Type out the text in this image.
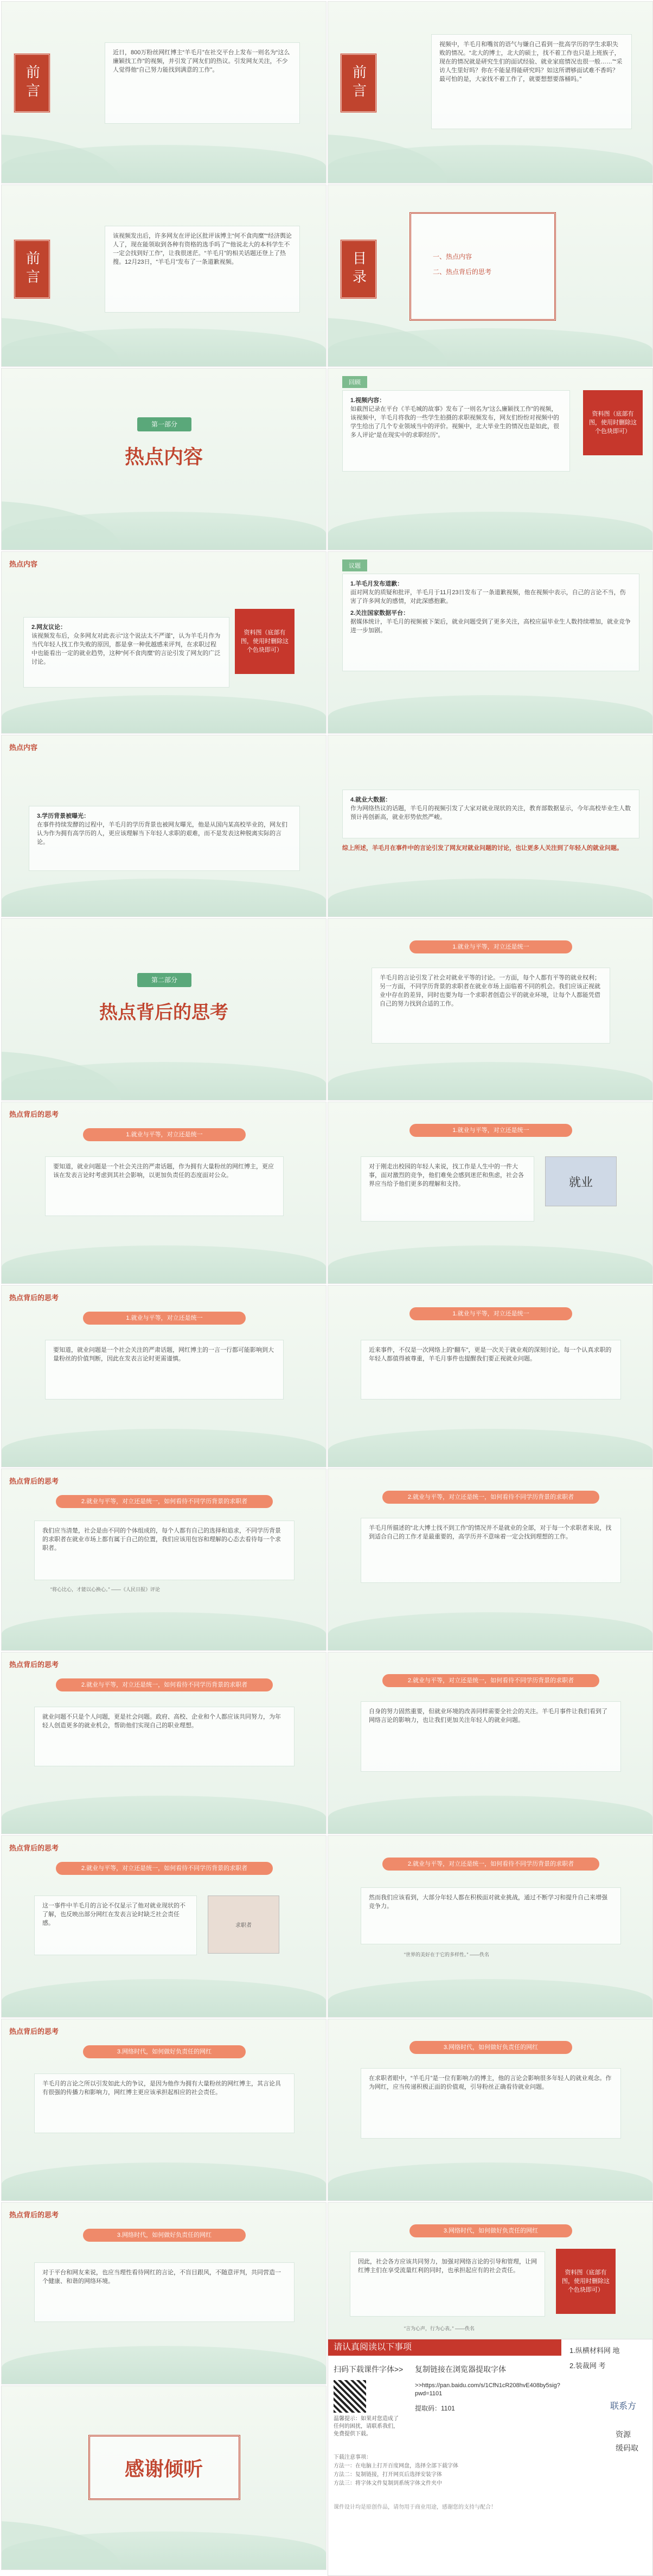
前言
近日，800万粉丝网红博主“羊毛月”在社交平台上发布一则名为“这么廉颖找工作”的视频，并引发了网友们的热议。引发网友关注，不少人觉得他“自己努力能找到满意的工作”。	前言
视频中，羊毛月和嘴贫的语气与嫌自己看到一批高学历的学生求职失败的情况。“北大的博士，北大的硕士，找不着工作也只是上班族子，现在的情况就是研究生们的面试经验、就业家庭情况也很一般……”“采访人生里好吗？你在不能显得能研究吗？如这所谓够面试难不香吗？最可怕的是，大家找不着工作了，就要想想要落桶吗。”
前言
该视频发出后，许多网友在评论区批评该博主“何不食肉糜”“经济舆论人了，现在能领取到各种有资格的选手吗了”“他说北大的本科学生不一定会找到好工作”，让我很迷茫。“羊毛月”的相关话题还登上了热搜。12月23日，“羊毛月”发布了一条道歉视频。	目录	一、热点内容
二、热点背后的思考
第一部分
热点内容
回顾
1.视频内容：
如截图记录在平台《羊毛城的故事》发布了一则名为“这么廉颖找工作”的视频，该视频中，羊毛月将我的一些学生拍摄的求职视频发布，网友们纷纷对视频中的学生给出了几个专业领域当中的评价。视频中，北大毕业生的情况也是如此，很多人评论“是在现实中的求职经历”。
资料图（底部有图，使用时删除这个色块即可）
热点内容
2.网友议论：
该视频发布后，众多网友对此表示“这个说法太不严谨”，认为羊毛月作为当代年轻人找工作失败的原因，都是拿一种优越感来评判，在求职过程中也能看出一定的就业趋势，这种“何不食肉糜”的言论引发了网友的广泛讨论。
资料图（底部有图，使用时删除这个色块即可）
议题
1.羊毛月发布道歉：
面对网友的质疑和批评，羊毛月于11月23日发布了一条道歉视频，他在视频中表示，自己的言论不当，伤害了许多网友的感情，对此深感抱歉。
2.关注国家数据平台：
据媒体统计，羊毛月的视频被下架后，就业问题受到了更多关注，高校应届毕业生人数持续增加，就业竞争进一步加剧。
热点内容
3.学历背景被曝光：
在事件持续发酵的过程中，羊毛月的学历背景也被网友曝光，他是从国内某高校毕业的，网友们认为作为拥有高学历的人，更应该理解当下年轻人求职的艰难，而不是发表这种脱离实际的言论。
4.就业大数据：
作为网络热议的话题，羊毛月的视频引发了大家对就业现状的关注，教育部数据显示，今年高校毕业生人数预计再创新高，就业形势依然严峻。
综上所述，羊毛月在事件中的言论引发了网友对就业问题的讨论，也让更多人关注到了年轻人的就业问题。
第二部分
热点背后的思考
1.就业与平等，对立还是统一
羊毛月的言论引发了社会对就业平等的讨论。一方面，每个人都有平等的就业权利；另一方面，不同学历背景的求职者在就业市场上面临着不同的机会。我们应该正视就业中存在的差异，同时也要为每一个求职者创造公平的就业环境，让每个人都能凭借自己的努力找到合适的工作。
热点背后的思考
1.就业与平等，对立还是统一
要知道，就业问题是一个社会关注的严肃话题，作为拥有大量粉丝的网红博主，更应该在发表言论时考虑到其社会影响，以更加负责任的态度面对公众。
1.就业与平等，对立还是统一
对于刚走出校园的年轻人来说，找工作是人生中的一件大事，面对激烈的竞争，他们难免会感到迷茫和焦虑，社会各界应当给予他们更多的理解和支持。	就业
热点背后的思考
1.就业与平等，对立还是统一
要知道，就业问题是一个社会关注的严肃话题，网红博主的一言一行都可能影响到大量粉丝的价值判断，因此在发表言论时更需谨慎。
1.就业与平等，对立还是统一
近来事件，不仅是一次网络上的“翻车”，更是一次关于就业观的深刻讨论。每一个认真求职的年轻人都值得被尊重，羊毛月事件也提醒我们要正视就业问题。
热点背后的思考
2.就业与平等，对立还是统一，如何看待不同学历背景的求职者
我们应当清楚，社会是由不同的个体组成的，每个人都有自己的选择和追求，不同学历背景的求职者在就业市场上都有属于自己的位置，我们应该用包容和理解的心态去看待每一个求职者。
“将心比心，才能以心换心。” ——《人民日报》评论
2.就业与平等，对立还是统一，如何看待不同学历背景的求职者
羊毛月所描述的“北大博士找不到工作”的情况并不是就业的全部，对于每一个求职者来说，找到适合自己的工作才是最重要的，高学历并不意味着一定会找到理想的工作。
热点背后的思考
2.就业与平等，对立还是统一，如何看待不同学历背景的求职者
就业问题不只是个人问题，更是社会问题。政府、高校、企业和个人都应该共同努力，为年轻人创造更多的就业机会，帮助他们实现自己的职业理想。
2.就业与平等，对立还是统一，如何看待不同学历背景的求职者
自身的努力固然重要，但就业环境的改善同样需要全社会的关注。羊毛月事件让我们看到了网络言论的影响力，也让我们更加关注年轻人的就业问题。
热点背后的思考
2.就业与平等，对立还是统一，如何看待不同学历背景的求职者
这一事件中羊毛月的言论不仅显示了他对就业现状的不了解，也反映出部分网红在发表言论时缺乏社会责任感。	求职者
2.就业与平等，对立还是统一，如何看待不同学历背景的求职者
然而我们应该看到，大部分年轻人都在积极面对就业挑战，通过不断学习和提升自己来增强竞争力。
“世界的美好在于它的多样性。” ——佚名
热点背后的思考
3.网络时代，如何做好负责任的网红
羊毛月的言论之所以引发如此大的争议，是因为他作为拥有大量粉丝的网红博主，其言论具有很强的传播力和影响力，网红博主更应该承担起相应的社会责任。
3.网络时代，如何做好负责任的网红
在求职者眼中，“羊毛月”是一位有影响力的博主，他的言论会影响很多年轻人的就业观念。作为网红，应当传递积极正面的价值观，引导粉丝正确看待就业问题。
热点背后的思考
3.网络时代，如何做好负责任的网红
对于平台和网友来说，也应当理性看待网红的言论，不盲目跟风，不随意评判，共同营造一个健康、和谐的网络环境。
3.网络时代，如何做好负责任的网红
因此，社会各方应该共同努力，加强对网络言论的引导和管理，让网红博主们在享受流量红利的同时，也承担起应有的社会责任。	资料图（底部有图，使用时删除这个色块即可）
“言为心声，行为心表。” ——佚名
感谢倾听
请认真阅读以下事项
扫码下载课件字体>>
温馨提示：如果对您造成了任何的困扰，请联系我们，免费提供下载。
复制链接在浏览器提取字体
>>https://pan.baidu.com/s/1CfN1cR208hvE408by5sig?pwd=1101
提取码：1101
下载注意事项：
方法一：在电脑上打开百度网盘，选择全部下载字体
方法二：复制链接，打开网页后选择安装字体
方法三：将字体文件复制到系统字体文件夹中
课件设计均是原创作品，请勿用于商业用途，感谢您的支持与配合！
1.纵横材料网 地
2.装裁网 考
联系方
资源
缓码取
